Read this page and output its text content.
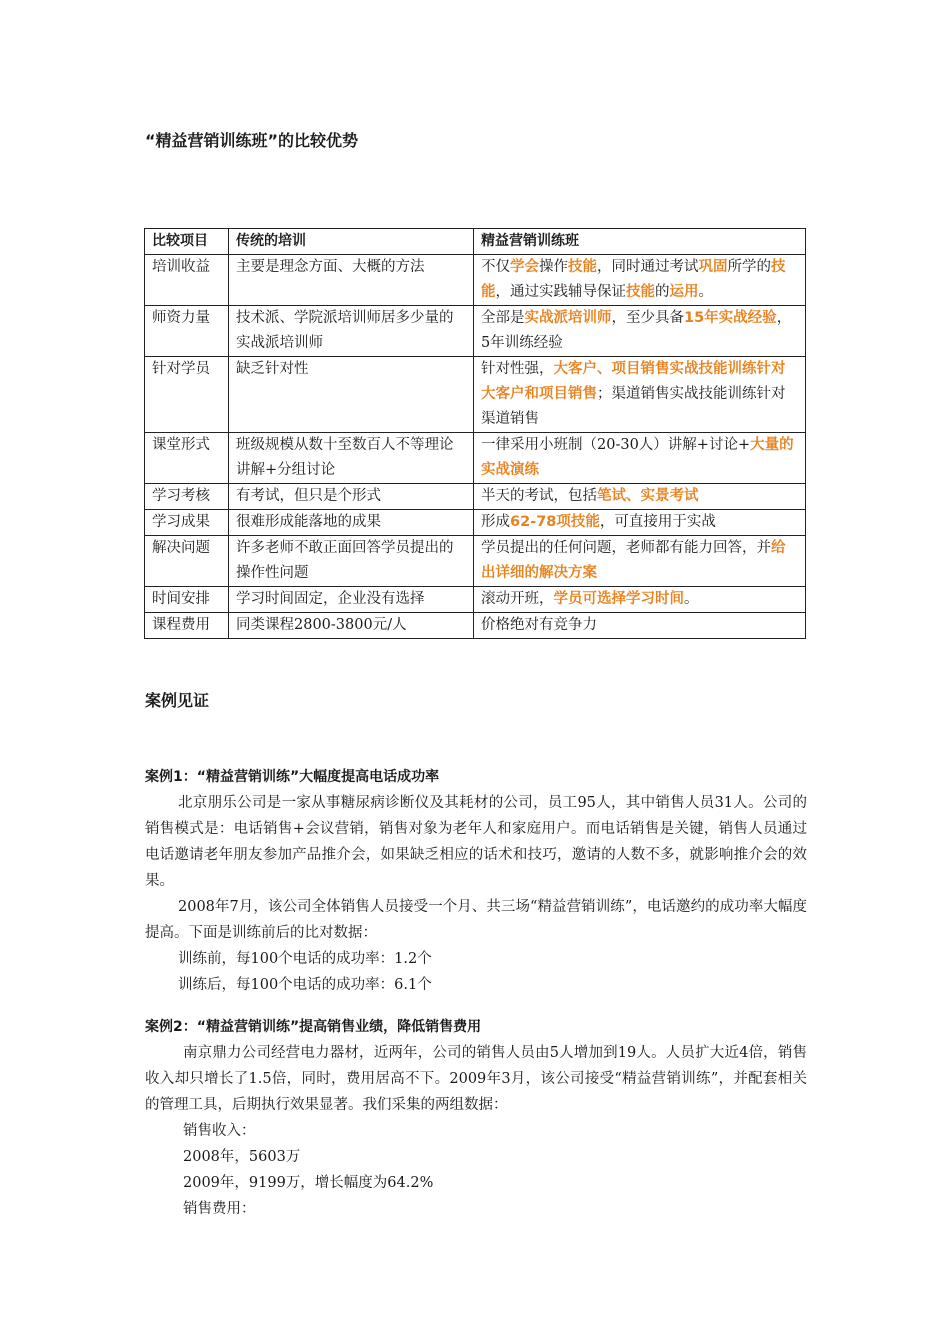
“精益营销训练班”的比较优势
比较项目	传统的培训	精益营销训练班
培训收益	主要是理念方面、大概的方法	不仅学会操作技能，同时通过考试巩固所学的技能，通过实践辅导保证技能的运用。
师资力量	技术派、学院派培训师居多少量的实战派培训师	全部是实战派培训师，至少具备15年实战经验，5年训练经验
针对学员	缺乏针对性	针对性强，大客户、项目销售实战技能训练针对大客户和项目销售；渠道销售实战技能训练针对渠道销售
课堂形式	班级规模从数十至数百人不等理论讲解+分组讨论	一律采用小班制（20-30人）讲解+讨论+大量的实战演练
学习考核	有考试，但只是个形式	半天的考试，包括笔试、实景考试
学习成果	很难形成能落地的成果	形成62-78项技能，可直接用于实战
解决问题	许多老师不敢正面回答学员提出的操作性问题	学员提出的任何问题，老师都有能力回答，并给出详细的解决方案
时间安排	学习时间固定，企业没有选择	滚动开班，学员可选择学习时间。
课程费用	同类课程2800-3800元/人	价格绝对有竞争力
案例见证
案例1：“精益营销训练”大幅度提高电话成功率

北京朋乐公司是一家从事糖尿病诊断仪及其耗材的公司，员工95人，其中销售人员31人。公司的销售模式是：电话销售+会议营销，销售对象为老年人和家庭用户。而电话销售是关键，销售人员通过电话邀请老年朋友参加产品推介会，如果缺乏相应的话术和技巧，邀请的人数不多，就影响推介会的效果。

2008年7月，该公司全体销售人员接受一个月、共三场“精益营销训练”，电话邀约的成功率大幅度提高。下面是训练前后的比对数据：

训练前，每100个电话的成功率：1.2个

训练后，每100个电话的成功率：6.1个

案例2：“精益营销训练”提高销售业绩，降低销售费用

南京鼎力公司经营电力器材，近两年，公司的销售人员由5人增加到19人。人员扩大近4倍，销售收入却只增长了1.5倍，同时，费用居高不下。2009年3月，该公司接受“精益营销训练”，并配套相关的管理工具，后期执行效果显著。我们采集的两组数据：

销售收入：

2008年，5603万

2009年，9199万，增长幅度为64.2%

销售费用：
